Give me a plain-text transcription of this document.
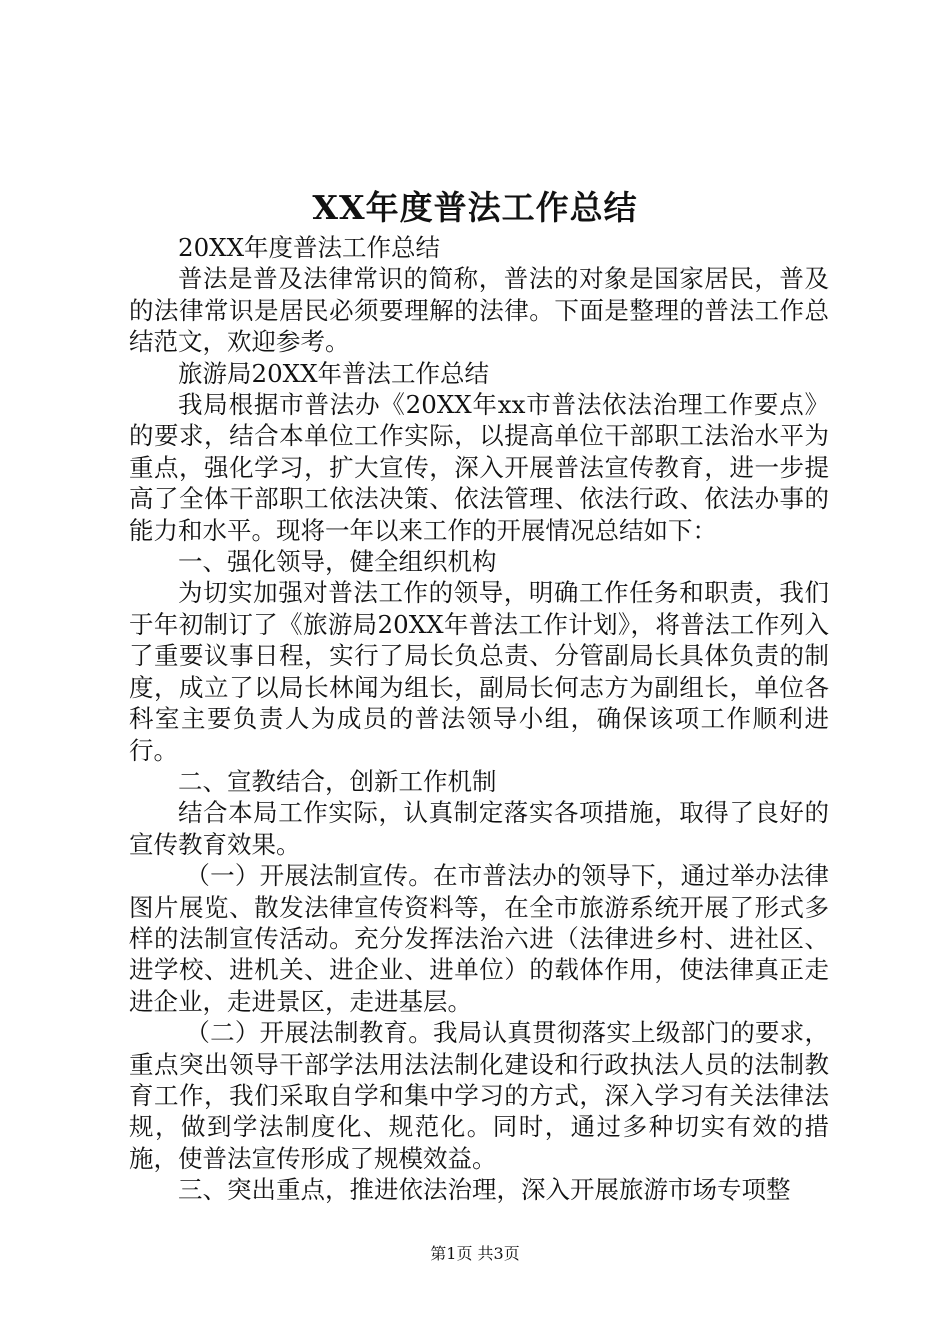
XX年度普法工作总结

20XX年度普法工作总结

普法是普及法律常识的简称，普法的对象是国家居民，普及的法律常识是居民必须要理解的法律。下面是整理的普法工作总结范文，欢迎参考。

旅游局20XX年普法工作总结

我局根据市普法办《20XX年xx市普法依法治理工作要点》的要求，结合本单位工作实际，以提高单位干部职工法治水平为重点，强化学习，扩大宣传，深入开展普法宣传教育，进一步提高了全体干部职工依法决策、依法管理、依法行政、依法办事的能力和水平。现将一年以来工作的开展情况总结如下：

一、强化领导，健全组织机构

为切实加强对普法工作的领导，明确工作任务和职责，我们于年初制订了《旅游局20XX年普法工作计划》，将普法工作列入了重要议事日程，实行了局长负总责、分管副局长具体负责的制度，成立了以局长林闻为组长，副局长何志方为副组长，单位各科室主要负责人为成员的普法领导小组，确保该项工作顺利进行。

二、宣教结合，创新工作机制

结合本局工作实际，认真制定落实各项措施，取得了良好的宣传教育效果。

（一）开展法制宣传。在市普法办的领导下，通过举办法律图片展览、散发法律宣传资料等，在全市旅游系统开展了形式多样的法制宣传活动。充分发挥法治六进（法律进乡村、进社区、进学校、进机关、进企业、进单位）的载体作用，使法律真正走进企业，走进景区，走进基层。

（二）开展法制教育。我局认真贯彻落实上级部门的要求，重点突出领导干部学法用法法制化建设和行政执法人员的法制教育工作，我们采取自学和集中学习的方式，深入学习有关法律法规，做到学法制度化、规范化。同时，通过多种切实有效的措施，使普法宣传形成了规模效益。

三、突出重点，推进依法治理，深入开展旅游市场专项整

第1页 共3页
